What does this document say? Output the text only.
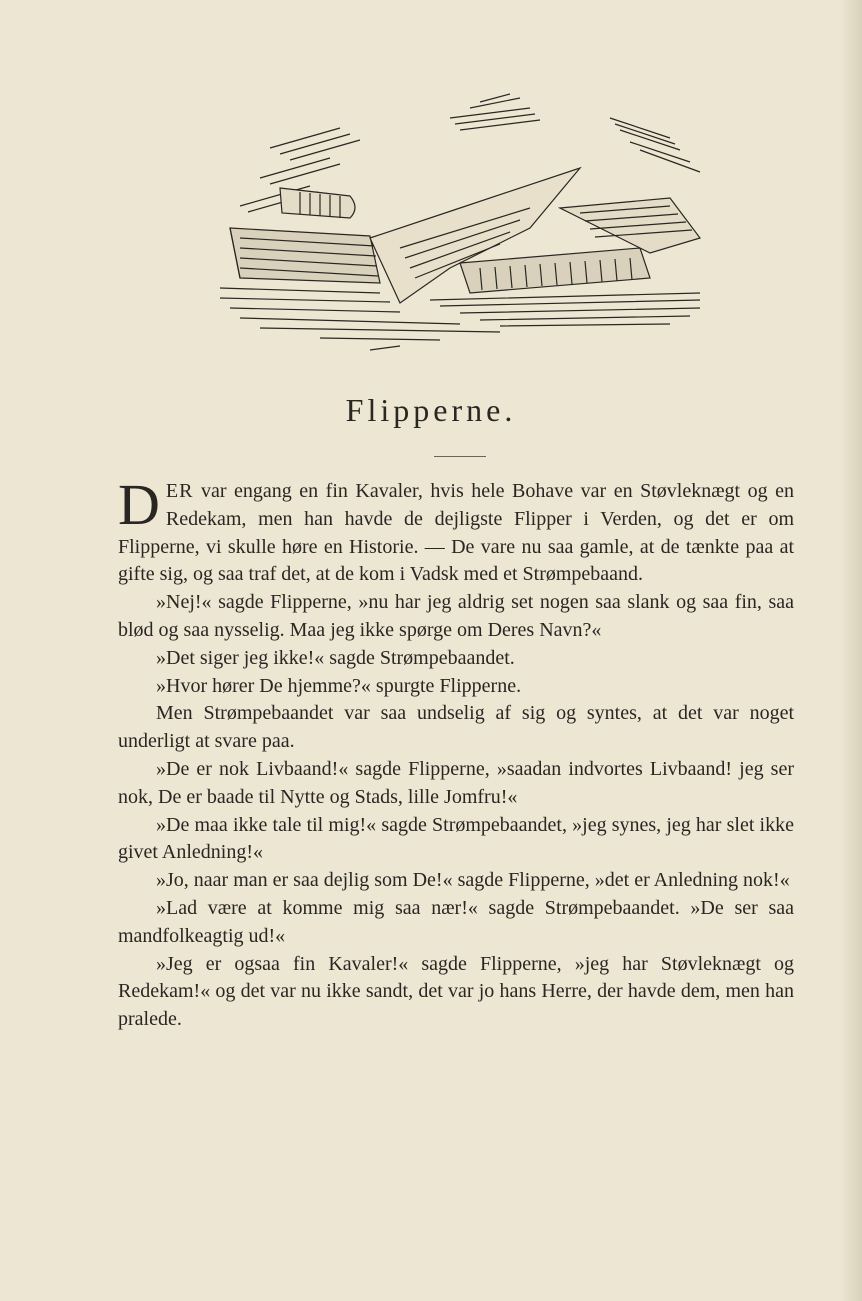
Flipperne.

DER var engang en fin Kavaler, hvis hele Bohave var en Støvleknægt og en Redekam, men han havde de dejligste Flipper i Verden, og det er om Flipperne, vi skulle høre en Historie. — De vare nu saa gamle, at de tænkte paa at gifte sig, og saa traf det, at de kom i Vadsk med et Strømpebaand.

»Nej!« sagde Flipperne, »nu har jeg aldrig set nogen saa slank og saa fin, saa blød og saa nysselig. Maa jeg ikke spørge om Deres Navn?«

»Det siger jeg ikke!« sagde Strømpebaandet.

»Hvor hører De hjemme?« spurgte Flipperne.

Men Strømpebaandet var saa undselig af sig og syntes, at det var noget underligt at svare paa.

»De er nok Livbaand!« sagde Flipperne, »saadan indvortes Livbaand! jeg ser nok, De er baade til Nytte og Stads, lille Jomfru!«

»De maa ikke tale til mig!« sagde Strømpebaandet, »jeg synes, jeg har slet ikke givet Anledning!«

»Jo, naar man er saa dejlig som De!« sagde Flipperne, »det er Anledning nok!«

»Lad være at komme mig saa nær!« sagde Strømpebaandet. »De ser saa mandfolkeagtig ud!«

»Jeg er ogsaa fin Kavaler!« sagde Flipperne, »jeg har Støvleknægt og Redekam!« og det var nu ikke sandt, det var jo hans Herre, der havde dem, men han pralede.
